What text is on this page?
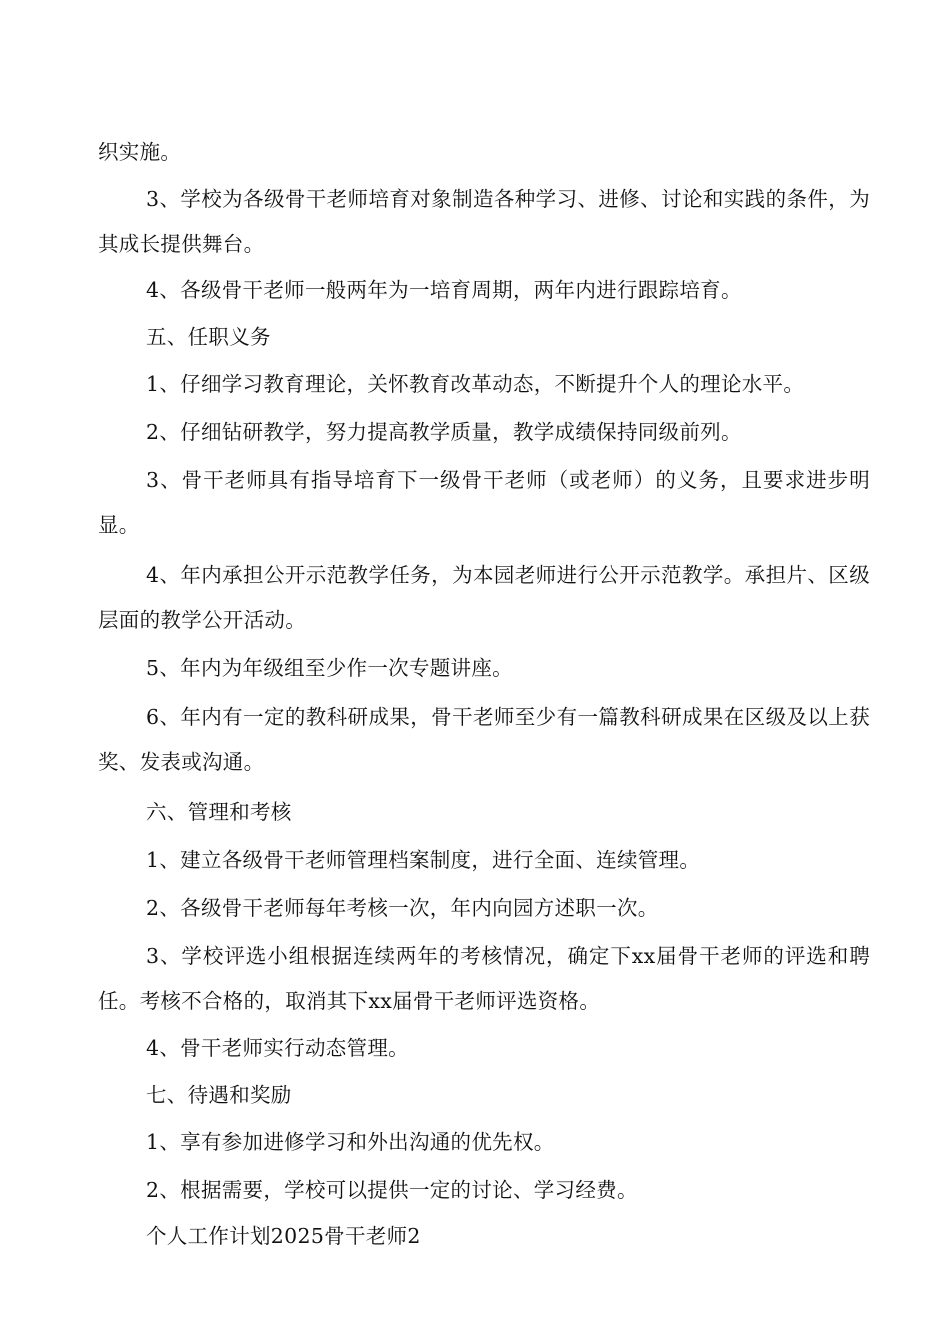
织实施。

3、学校为各级骨干老师培育对象制造各种学习、进修、讨论和实践的条件，为其成长提供舞台。

4、各级骨干老师一般两年为一培育周期，两年内进行跟踪培育。

五、任职义务

1、仔细学习教育理论，关怀教育改革动态，不断提升个人的理论水平。

2、仔细钻研教学，努力提高教学质量，教学成绩保持同级前列。

3、骨干老师具有指导培育下一级骨干老师（或老师）的义务，且要求进步明显。

4、年内承担公开示范教学任务，为本园老师进行公开示范教学。承担片、区级层面的教学公开活动。

5、年内为年级组至少作一次专题讲座。

6、年内有一定的教科研成果，骨干老师至少有一篇教科研成果在区级及以上获奖、发表或沟通。

六、管理和考核

1、建立各级骨干老师管理档案制度，进行全面、连续管理。

2、各级骨干老师每年考核一次，年内向园方述职一次。

3、学校评选小组根据连续两年的考核情况，确定下xx届骨干老师的评选和聘任。考核不合格的，取消其下xx届骨干老师评选资格。

4、骨干老师实行动态管理。

七、待遇和奖励

1、享有参加进修学习和外出沟通的优先权。

2、根据需要，学校可以提供一定的讨论、学习经费。

个人工作计划2025骨干老师2
